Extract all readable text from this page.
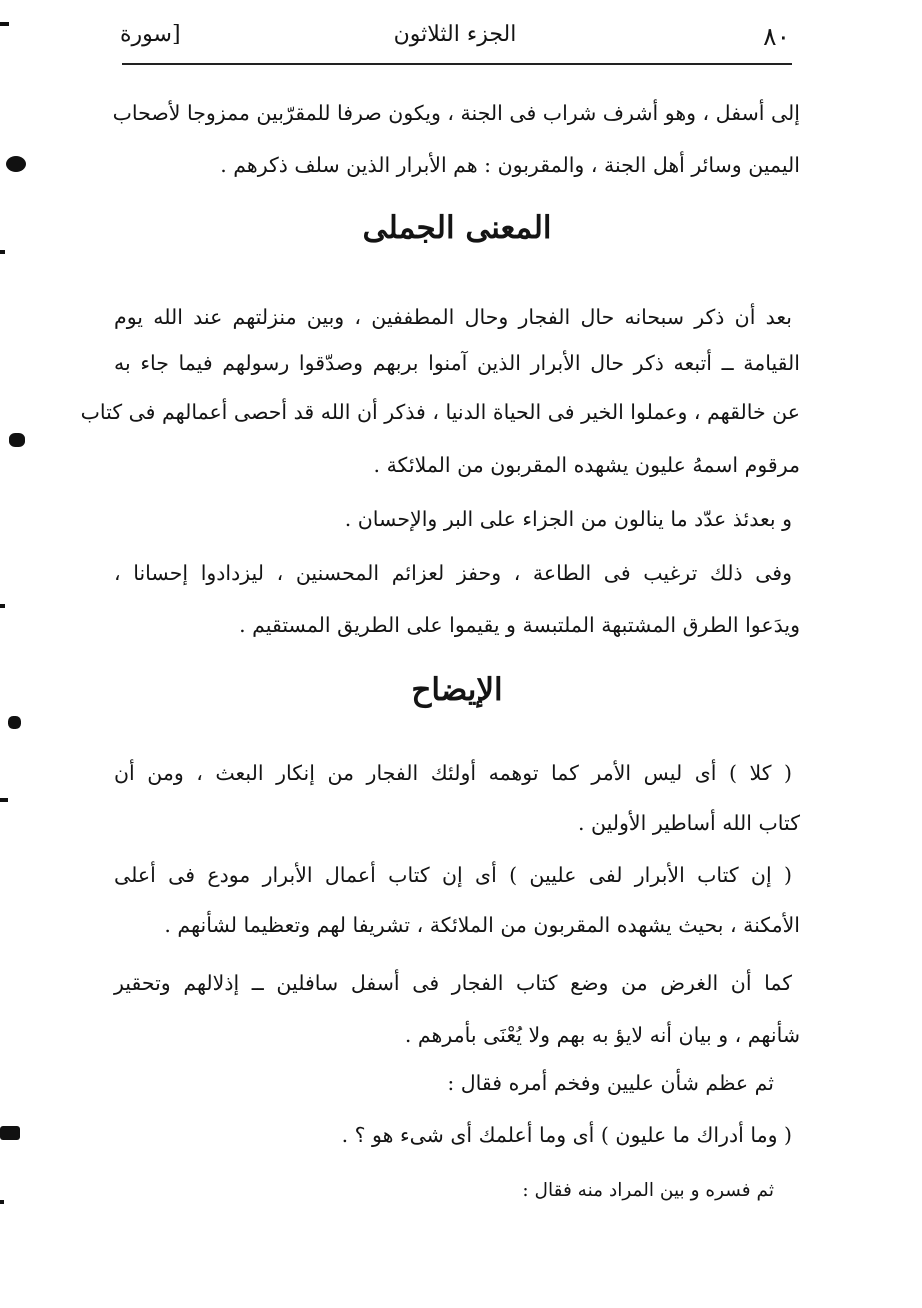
٨٠
الجزء الثلاثون
[سورة
إلى أسفل ، وهو أشرف شراب فى الجنة ، ويكون صرفا للمقرّبين ممزوجا لأصحاب
اليمين وسائر أهل الجنة ، والمقربون : هم الأبرار الذين سلف ذكرهم .
المعنى الجملى
بعد أن ذكر سبحانه حال الفجار وحال المطففين ، وبين منزلتهم عند الله يوم
القيامة ــ أتبعه ذكر حال الأبرار الذين آمنوا بربهم وصدّقوا رسولهم فيما جاء به
عن خالقهم ، وعملوا الخير فى الحياة الدنيا ، فذكر أن الله قد أحصى أعمالهم فى كتاب
مرقوم اسمهُ عليون يشهده المقربون من الملائكة .
و بعدئذ عدّد ما ينالون من الجزاء على البر والإحسان .
وفى ذلك ترغيب فى الطاعة ، وحفز لعزائم المحسنين ، ليزدادوا إحسانا ،
ويدَعوا الطرق المشتبهة الملتبسة و يقيموا على الطريق المستقيم .
الإيضاح
( كلا ) أى ليس الأمر كما توهمه أولئك الفجار من إنكار البعث ، ومن أن
كتاب الله أساطير الأولين .
( إن كتاب الأبرار لفى عليين ) أى إن كتاب أعمال الأبرار مودع فى أعلى
الأمكنة ، بحيث يشهده المقربون من الملائكة ، تشريفا لهم وتعظيما لشأنهم .
كما أن الغرض من وضع كتاب الفجار فى أسفل سافلين ــ إذلالهم وتحقير
شأنهم ، و بيان أنه لايؤ به بهم ولا يُعْنَى بأمرهم .
ثم عظم شأن عليين وفخم أمره فقال :
( وما أدراك ما عليون ) أى وما أعلمك أى شىء هو ؟ .
ثم فسره و بين المراد منه فقال :
